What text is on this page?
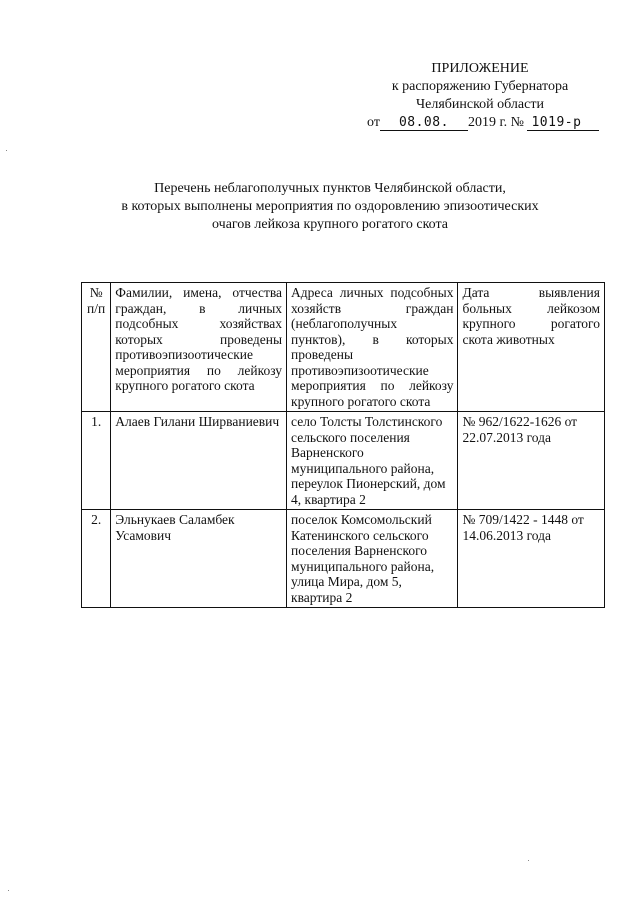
ПРИЛОЖЕНИЕ
к распоряжению Губернатора
Челябинской области
от 08.08. 2019 г. № 1019-р
Перечень неблагополучных пунктов Челябинской области,
в которых выполнены мероприятия по оздоровлению эпизоотических
очагов лейкоза крупного рогатого скота
№ п/п	Фамилии, имена, отчества граждан, в личных подсобных хозяйствах которых проведены противоэпизоотические мероприятия по лейкозу крупного рогатого скота	Адреса личных подсобных хозяйств граждан (неблагополучных пунктов), в которых проведены противоэпизоотические мероприятия по лейкозу крупного рогатого скота	Дата выявления больных лейкозом крупного рогатого скота животных
1.	Алаев Гилани Ширваниевич	село Толсты Толстинского сельского поселения Варненского муниципального района, переулок Пионерский, дом 4, квартира 2	№ 962/1622-1626 от 22.07.2013 года
2.	Эльнукаев Саламбек Усамович	поселок Комсомольский Катенинского сельского поселения Варненского муниципального района, улица Мира, дом 5, квартира 2	№ 709/1422 - 1448 от 14.06.2013 года
